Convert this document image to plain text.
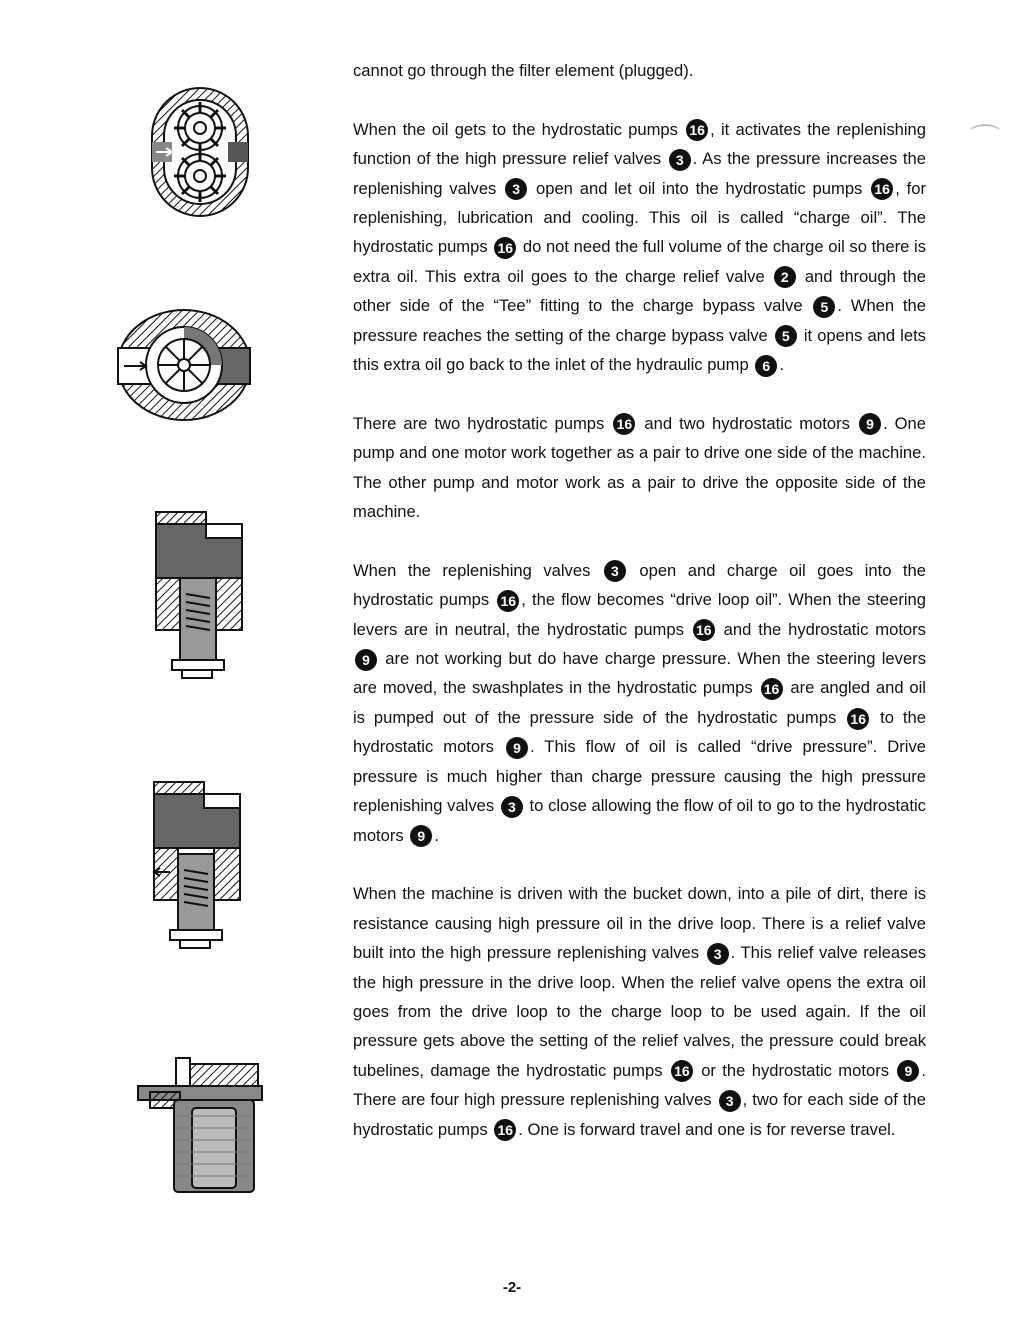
cannot go through the filter element (plugged).

When the oil gets to the hydrostatic pumps 16 , it activates the replenishing function of the high pressure relief valves 3 . As the pressure increases the replenishing valves 3 open and let oil into the hydrostatic pumps 16 , for replenishing, lubrication and cooling. This oil is called “charge oil”. The hydrostatic pumps 16 do not need the full volume of the charge oil so there is extra oil. This extra oil goes to the charge relief valve 2 and through the other side of the “Tee” fitting to the charge bypass valve 5 . When the pressure reaches the setting of the charge bypass valve 5 it opens and lets this extra oil go back to the inlet of the hydraulic pump 6 .

There are two hydrostatic pumps 16 and two hydrostatic motors 9 . One pump and one motor work together as a pair to drive one side of the machine. The other pump and motor work as a pair to drive the opposite side of the machine.

When the replenishing valves 3 open and charge oil goes into the hydrostatic pumps 16 , the flow becomes “drive loop oil”. When the steering levers are in neutral, the hydrostatic pumps 16 and the hydrostatic motors 9 are not working but do have charge pressure. When the steering levers are moved, the swashplates in the hydrostatic pumps 16 are angled and oil is pumped out of the pressure side of the hydrostatic pumps 16 to the hydrostatic motors 9 . This flow of oil is called “drive pressure”. Drive pressure is much higher than charge pressure causing the high pressure replenishing valves 3 to close allowing the flow of oil to go to the hydrostatic motors 9 .

When the machine is driven with the bucket down, into a pile of dirt, there is resistance causing high pressure oil in the drive loop. There is a relief valve built into the high pressure replenishing valves 3 . This relief valve releases the high pressure in the drive loop. When the relief valve opens the extra oil goes from the drive loop to the charge loop to be used again. If the oil pressure gets above the setting of the relief valves, the pressure could break tubelines, damage the hydrostatic pumps 16 or the hydrostatic motors 9 . There are four high pressure replenishing valves 3 , two for each side of the hydrostatic pumps 16 . One is forward travel and one is for reverse travel.

-2-
⌒
